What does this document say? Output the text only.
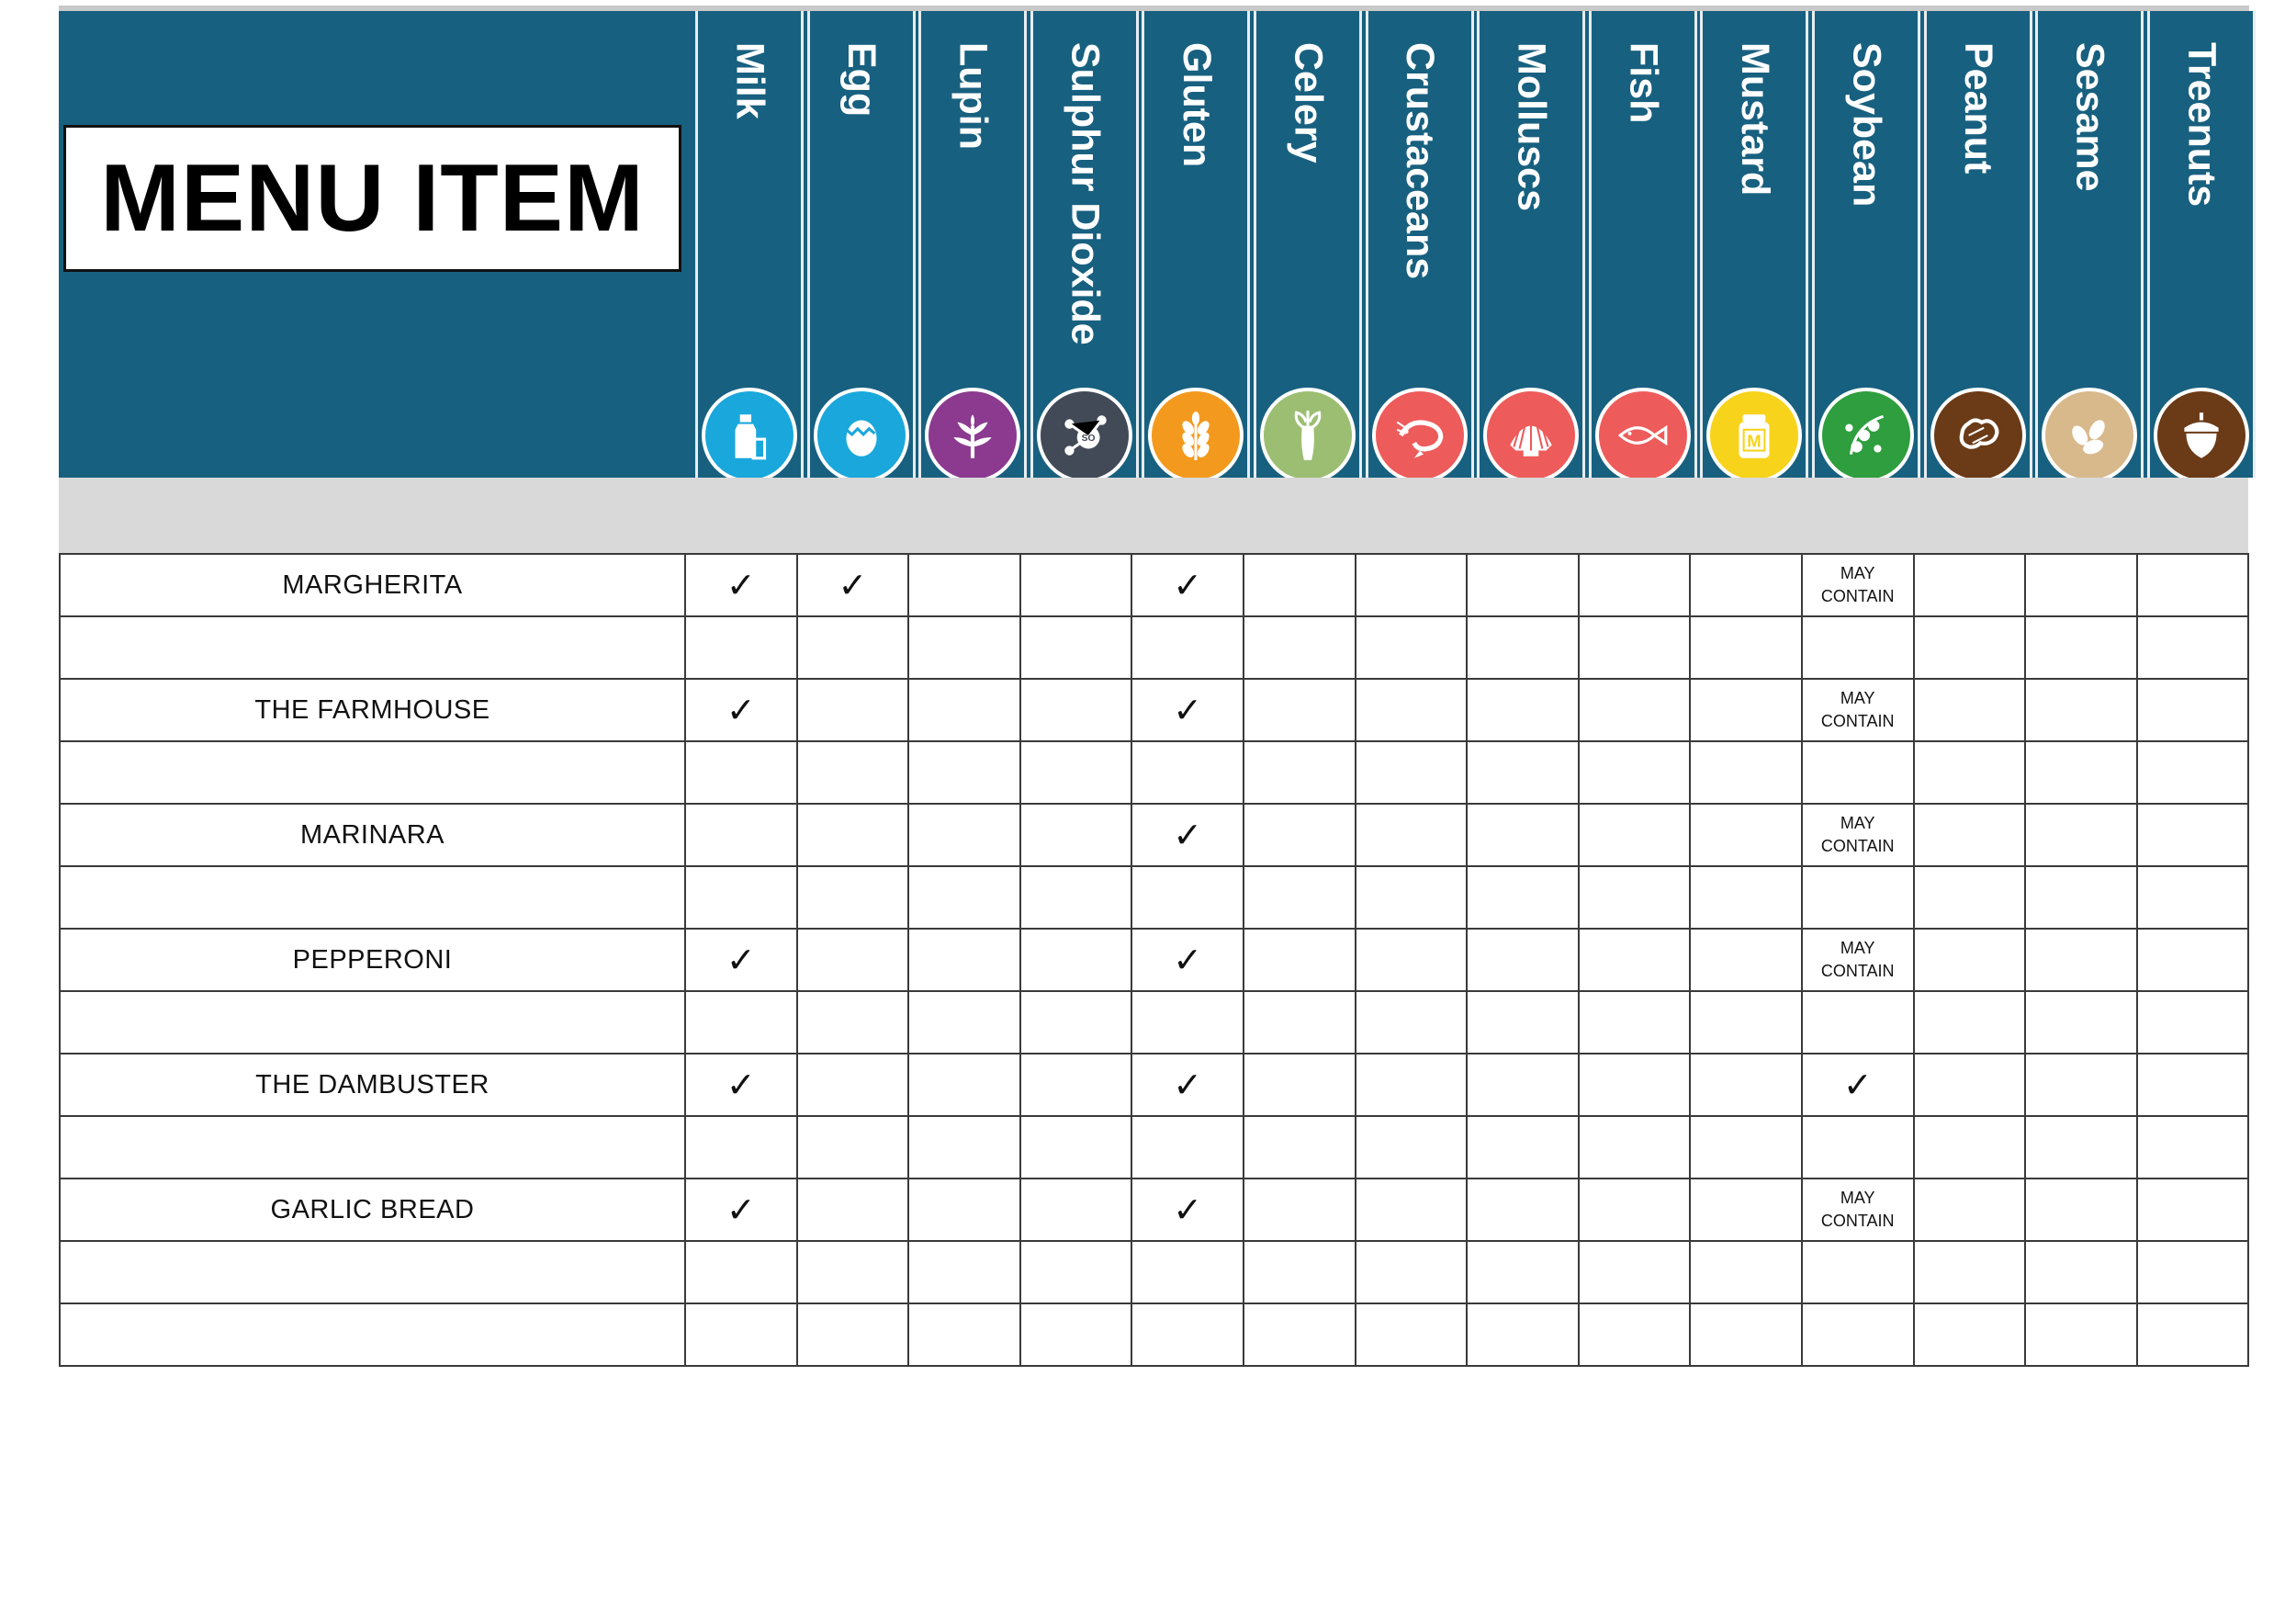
MENU ITEM
Milk Egg Lupin Sulphur Dioxide
SO
Gluten Celery Crustaceans Molluscs Fish Mustard
M
Soybean Peanut Sesame Treenuts
MARGHERITA	✓	✓			✓						MAY
CONTAIN			

THE FARMHOUSE	✓				✓						MAY
CONTAIN			

MARINARA					✓						MAY
CONTAIN			

PEPPERONI	✓				✓						MAY
CONTAIN			

THE DAMBUSTER	✓				✓						✓			

GARLIC BREAD	✓				✓						MAY
CONTAIN			
